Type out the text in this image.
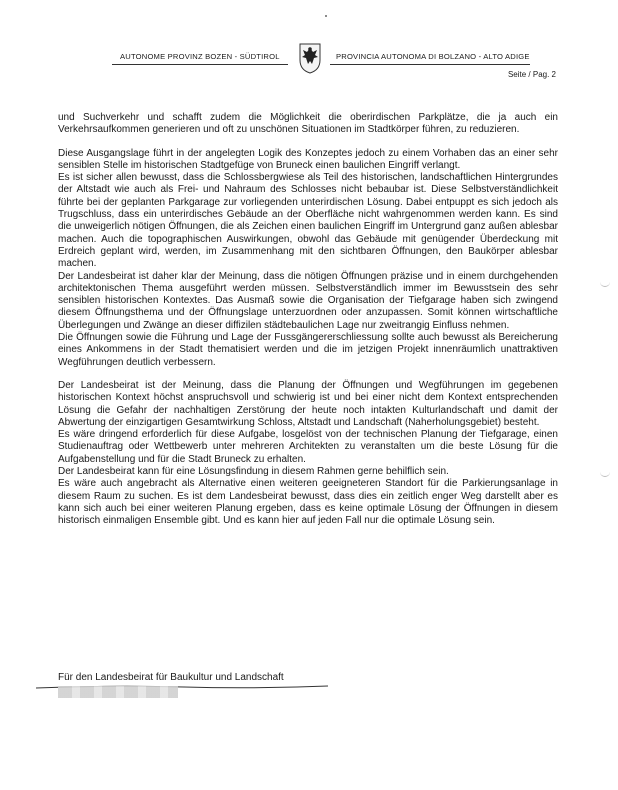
AUTONOME PROVINZ BOZEN - SÜDTIROL	PROVINCIA AUTONOMA DI BOLZANO - ALTO ADIGE
Seite / Pag. 2

und Suchverkehr und schafft zudem die Möglichkeit die oberirdischen Parkplätze, die ja auch ein Verkehrsaufkommen generieren und oft zu unschönen Situationen im Stadtkörper führen, zu reduzieren.

Diese Ausgangslage führt in der angelegten Logik des Konzeptes jedoch zu einem Vorhaben das an einer sehr sensiblen Stelle im historischen Stadtgefüge von Bruneck einen baulichen Eingriff verlangt.

Es ist sicher allen bewusst, dass die Schlossbergwiese als Teil des historischen, landschaftlichen Hintergrundes der Altstadt wie auch als Frei- und Nahraum des Schlosses nicht bebaubar ist. Diese Selbstverständlichkeit führte bei der geplanten Parkgarage zur vorliegenden unterirdischen Lösung. Dabei entpuppt es sich jedoch als Trugschluss, dass ein unterirdisches Gebäude an der Oberfläche nicht wahrgenommen werden kann. Es sind die unweigerlich nötigen Öffnungen, die als Zeichen einen baulichen Eingriff im Untergrund ganz außen ablesbar machen. Auch die topographischen Auswirkungen, obwohl das Gebäude mit genügender Überdeckung mit Erdreich geplant wird, werden, im Zusammenhang mit den sichtbaren Öffnungen, den Baukörper ablesbar machen.

Der Landesbeirat ist daher klar der Meinung, dass die nötigen Öffnungen präzise und in einem durchgehenden architektonischen Thema ausgeführt werden müssen. Selbstverständlich immer im Bewusstsein des sehr sensiblen historischen Kontextes. Das Ausmaß sowie die Organisation der Tiefgarage haben sich zwingend diesem Öffnungsthema und der Öffnungslage unterzuordnen oder anzupassen. Somit können wirtschaftliche Überlegungen und Zwänge an dieser diffizilen städtebaulichen Lage nur zweitrangig Einfluss nehmen.

Die Öffnungen sowie die Führung und Lage der Fussgängererschliessung sollte auch bewusst als Bereicherung eines Ankommens in der Stadt thematisiert werden und die im jetzigen Projekt innenräumlich unattraktiven Wegführungen deutlich verbessern.

Der Landesbeirat ist der Meinung, dass die Planung der Öffnungen und Wegführungen im gegebenen historischen Kontext höchst anspruchsvoll und schwierig ist und bei einer nicht dem Kontext entsprechenden Lösung die Gefahr der nachhaltigen Zerstörung der heute noch intakten Kulturlandschaft und damit der Abwertung der einzigartigen Gesamtwirkung Schloss, Altstadt und Landschaft (Naherholungsgebiet) besteht.

Es wäre dringend erforderlich für diese Aufgabe, losgelöst von der technischen Planung der Tiefgarage, einen Studienauftrag oder Wettbewerb unter mehreren Architekten zu veranstalten um die beste Lösung für die Aufgabenstellung und für die Stadt Bruneck zu erhalten.

Der Landesbeirat kann für eine Lösungsfindung in diesem Rahmen gerne behilflich sein.

Es wäre auch angebracht als Alternative einen weiteren geeigneteren Standort für die Parkierungsanlage in diesem Raum zu suchen. Es ist dem Landesbeirat bewusst, dass dies ein zeitlich enger Weg darstellt aber es kann sich auch bei einer weiteren Planung ergeben, dass es keine optimale Lösung der Öffnungen in diesem historisch einmaligen Ensemble gibt. Und es kann hier auf jeden Fall nur die optimale Lösung sein.

Für den Landesbeirat für Baukultur und Landschaft
